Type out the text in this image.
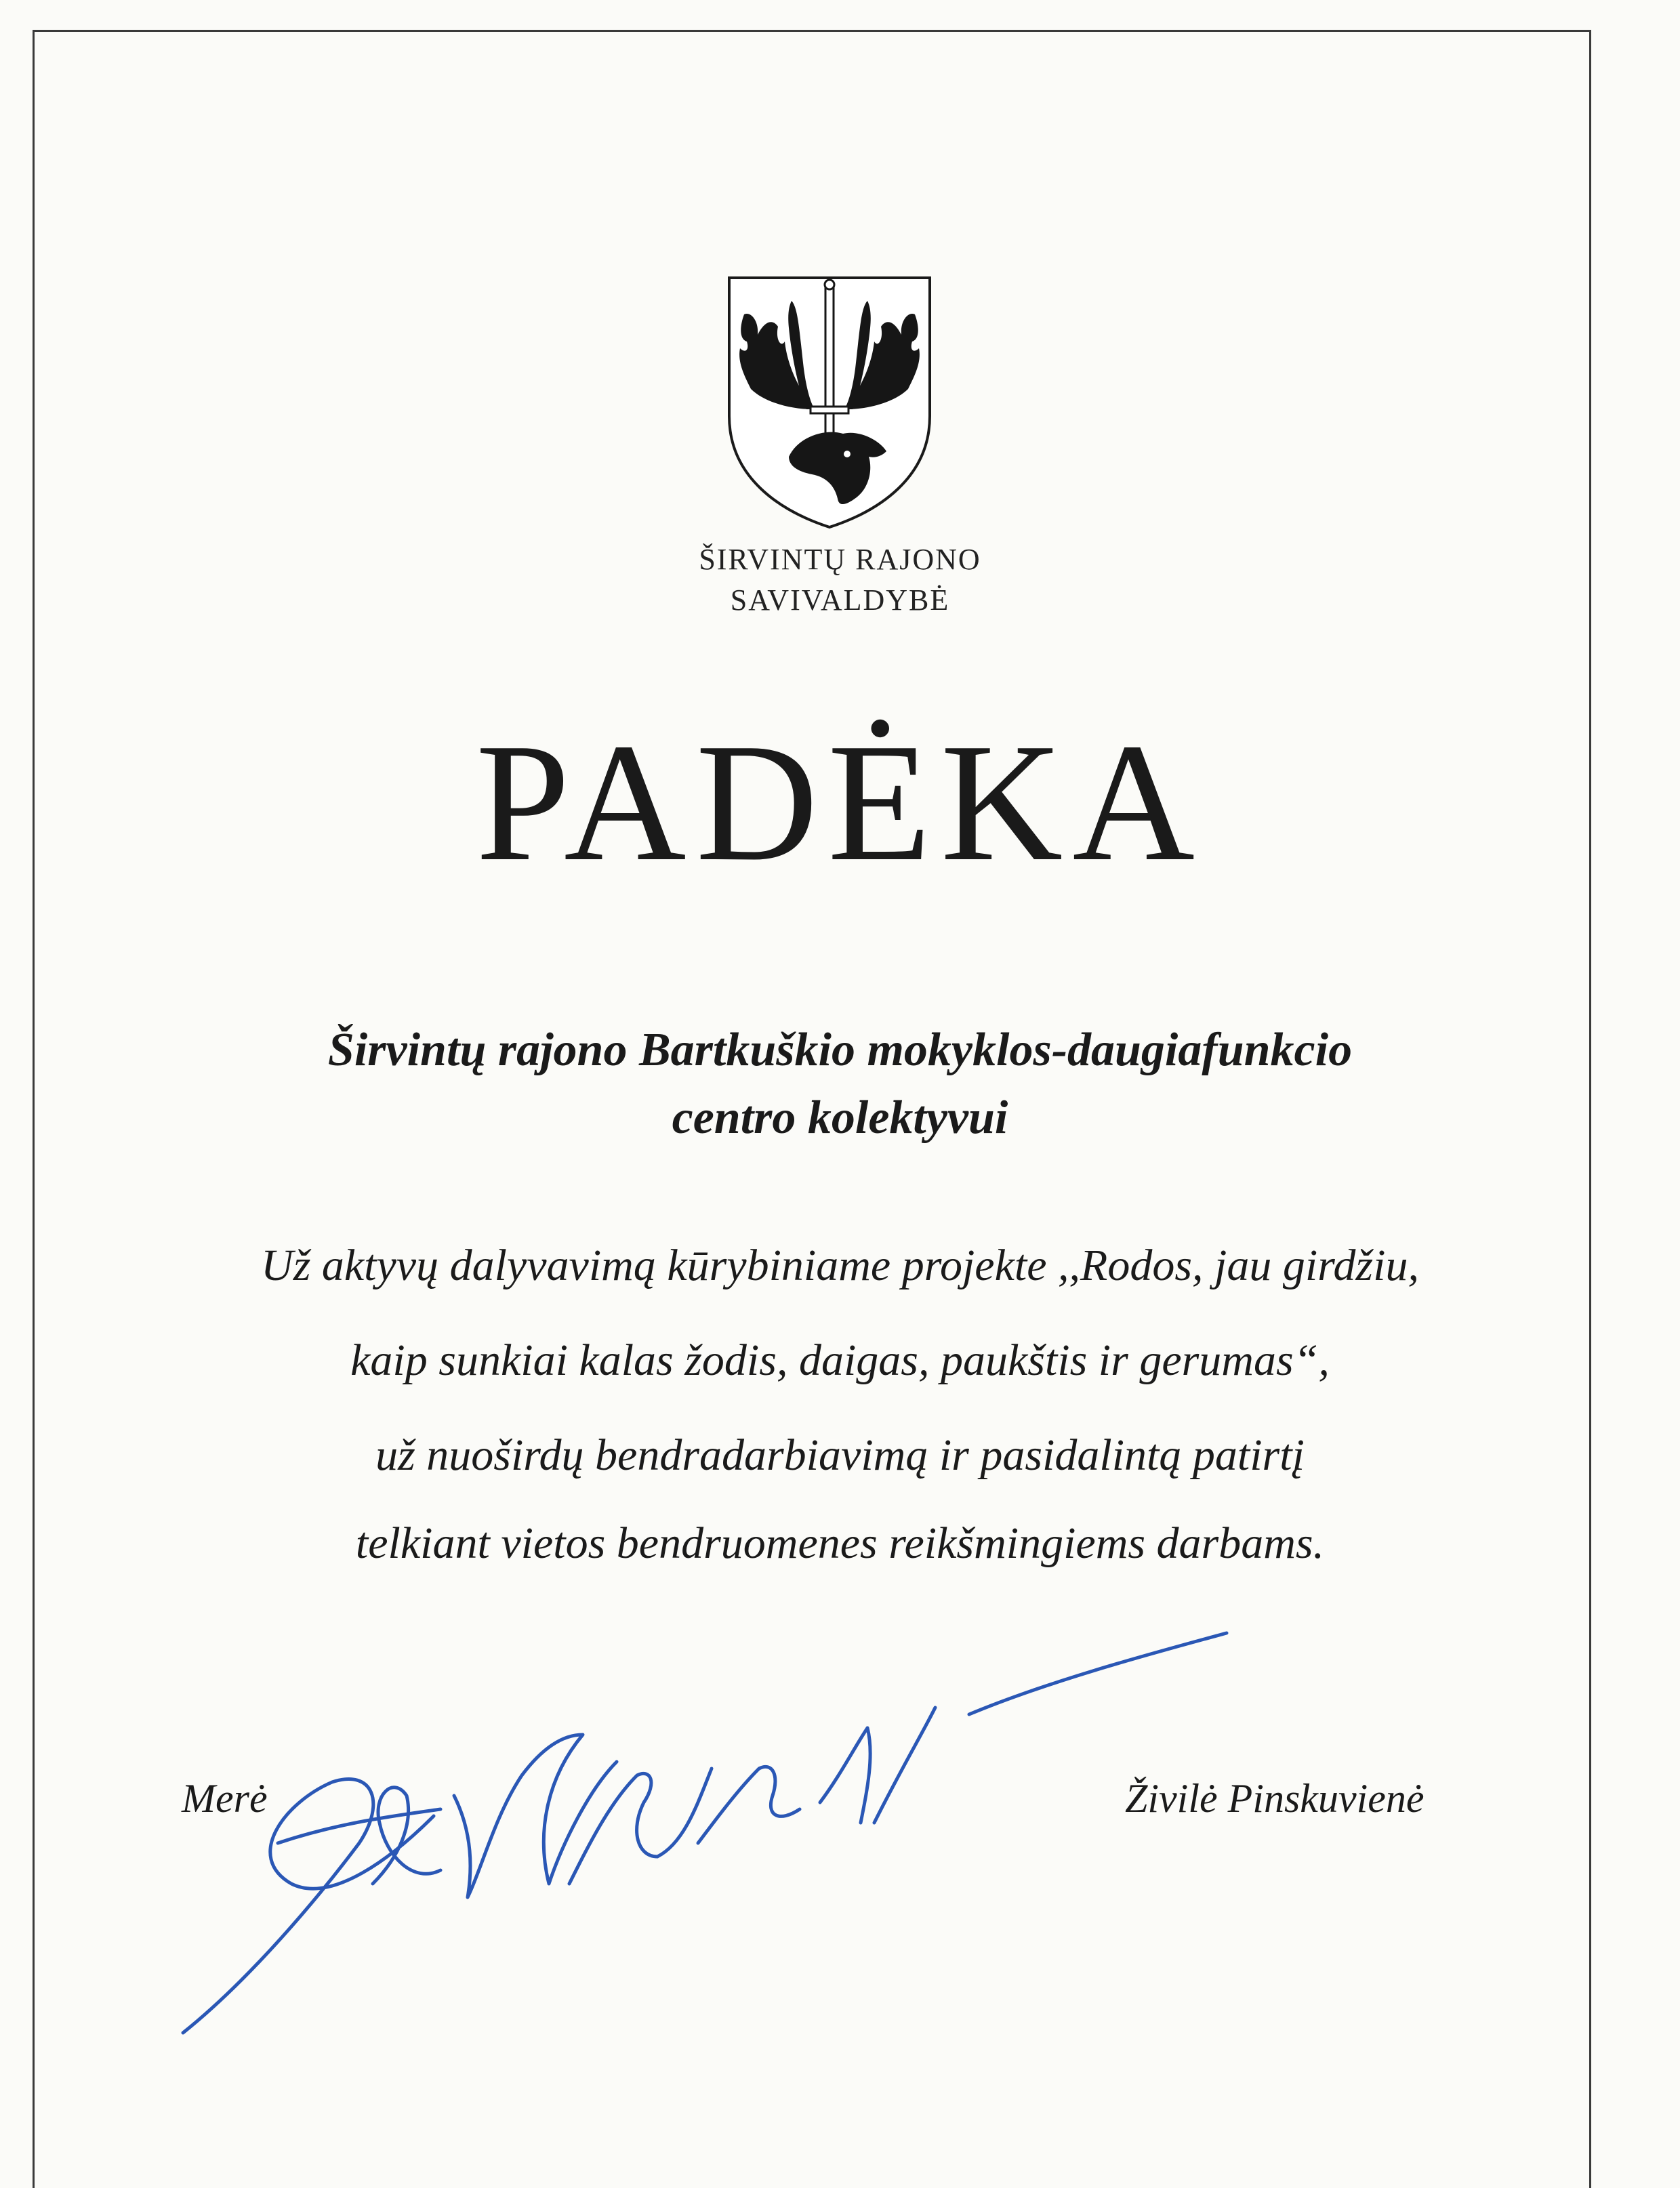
ŠIRVINTŲ RAJONO
SAVIVALDYBĖ
PADĖKA
Širvintų rajono Bartkuškio mokyklos-daugiafunkcio
centro kolektyvui
Už aktyvų dalyvavimą kūrybiniame projekte ,,Rodos, jau girdžiu,
kaip sunkiai kalas žodis, daigas, paukštis ir gerumas“,
už nuoširdų bendradarbiavimą ir pasidalintą patirtį
telkiant vietos bendruomenes reikšmingiems darbams.
Merė	Živilė Pinskuvienė
